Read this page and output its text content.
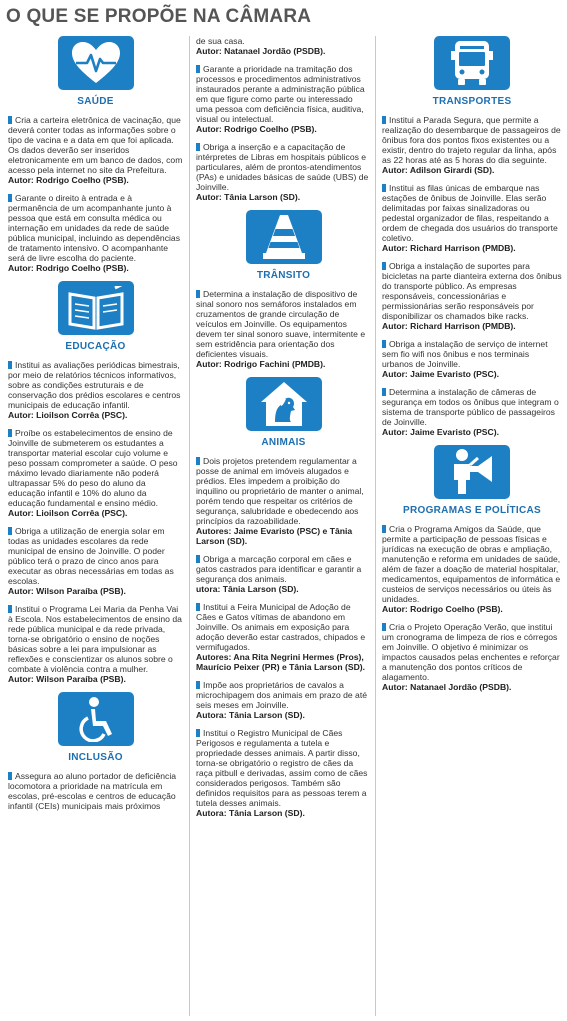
O QUE SE PROPÕE NA CÂMARA
SAÚDE
Cria a carteira eletrônica de vacinação, que deverá conter todas as informações sobre o tipo de vacina e a data em que foi aplicada. Os dados deverão ser inseridos eletronicamente em um banco de dados, com acesso pela internet no site da Prefeitura.
Autor: Rodrigo Coelho (PSB).
Garante o direito à entrada e à permanência de um acompanhante junto à pessoa que está em consulta médica ou internação em unidades da rede de saúde pública municipal, incluindo as dependências de tratamento intensivo. O acompanhante será de livre escolha do paciente.
Autor: Rodrigo Coelho (PSB).
EDUCAÇÃO
Institui as avaliações periódicas bimestrais, por meio de relatórios técnicos informativos, sobre as condições estruturais e de conservação dos prédios escolares e centros municipais de educação infantil.
Autor: Lioilson Corrêa (PSC).
Proíbe os estabelecimentos de ensino de Joinville de submeterem os estudantes a transportar material escolar cujo volume e peso possam comprometer a saúde. O peso máximo levado diariamente não poderá ultrapassar 5% do peso do aluno da educação infantil e 10% do aluno da educação fundamental e ensino médio.
Autor: Lioilson Corrêa (PSC).
Obriga a utilização de energia solar em todas as unidades escolares da rede municipal de ensino de Joinville. O poder público terá o prazo de cinco anos para executar as obras necessárias em todas as escolas.
Autor: Wilson Paraíba (PSB).
Institui o Programa Lei Maria da Penha Vai à Escola. Nos estabelecimentos de ensino da rede pública municipal e da rede privada, torna-se obrigatório o ensino de noções básicas sobre a lei para impulsionar as reflexões e conscientizar os alunos sobre o combate à violência contra a mulher.
Autor: Wilson Paraíba (PSB).
INCLUSÃO
Assegura ao aluno portador de deficiência locomotora a prioridade na matrícula em escolas, pré-escolas e centros de educação infantil (CEIs) municipais mais próximos
de sua casa.
Autor: Natanael Jordão (PSDB).
Garante a prioridade na tramitação dos processos e procedimentos administrativos instaurados perante a administração pública em que figure como parte ou interessado uma pessoa com deficiência física, auditiva, visual ou intelectual.
Autor: Rodrigo Coelho (PSB).
Obriga a inserção e a capacitação de intérpretes de Libras em hospitais públicos e particulares, além de prontos-atendimentos (PAs) e unidades básicas de saúde (UBS) de Joinville.
Autor: Tânia Larson (SD).
TRÂNSITO
Determina a instalação de dispositivo de sinal sonoro nos semáforos instalados em cruzamentos de grande circulação de veículos em Joinville. Os equipamentos devem ter sinal sonoro suave, intermitente e sem estridência para orientação dos deficientes visuais.
Autor: Rodrigo Fachini (PMDB).
ANIMAIS
Dois projetos pretendem regulamentar a posse de animal em imóveis alugados e prédios. Eles impedem a proibição do inquilino ou proprietário de manter o animal, porém tendo que respeitar os critérios de segurança, salubridade e obedecendo aos princípios da razoabilidade.
Autores: Jaime Evaristo (PSC) e Tânia Larson (SD).
Obriga a marcação corporal em cães e gatos castrados para identificar e garantir a segurança dos animais.
utora: Tânia Larson (SD).
Institui a Feira Municipal de Adoção de Cães e Gatos vítimas de abandono em Joinville. Os animais em exposição para adoção deverão estar castrados, chipados e vermifugados.
Autores: Ana Rita Negrini Hermes (Pros), Maurício Peixer (PR) e Tânia Larson (SD).
Impõe aos proprietários de cavalos a microchipagem dos animais em prazo de até seis meses em Joinville.
Autora: Tânia Larson (SD).
Institui o Registro Municipal de Cães Perigosos e regulamenta a tutela e propriedade desses animais. A partir disso, torna-se obrigatório o registro de cães da raça pitbull e derivadas, assim como de cães considerados perigosos. Também são definidos requisitos para as pessoas terem a tutela desses animais.
Autora: Tânia Larson (SD).
TRANSPORTES
Institui a Parada Segura, que permite a realização do desembarque de passageiros de ônibus fora dos pontos fixos existentes ou a existir, dentro do trajeto regular da linha, após as 22 horas até as 5 horas do dia seguinte.
Autor: Adilson Girardi (SD).
Institui as filas únicas de embarque nas estações de ônibus de Joinville. Elas serão delimitadas por faixas sinalizadoras ou pedestal organizador de filas, respeitando a ordem de chegada dos usuários do transporte coletivo.
Autor: Richard Harrison (PMDB).
Obriga a instalação de suportes para bicicletas na parte dianteira externa dos ônibus do transporte público. As empresas responsáveis, concessionárias e permissionárias serão responsáveis por disponibilizar os chamados bike racks.
Autor: Richard Harrison (PMDB).
Obriga a instalação de serviço de internet sem fio wifi nos ônibus e nos terminais urbanos de Joinville.
Autor: Jaime Evaristo (PSC).
Determina a instalação de câmeras de segurança em todos os ônibus que integram o sistema de transporte público de passageiros de Joinville.
Autor: Jaime Evaristo (PSC).
PROGRAMAS E POLÍTICAS
Cria o Programa Amigos da Saúde, que permite a participação de pessoas físicas e jurídicas na execução de obras e ampliação, manutenção e reforma em unidades de saúde, além de fazer a doação de material hospitalar, medicamentos, equipamentos de informática e custeios de serviços necessários ou úteis às unidades.
Autor: Rodrigo Coelho (PSB).
Cria o Projeto Operação Verão, que institui um cronograma de limpeza de rios e córregos em Joinville. O objetivo é minimizar os impactos causados pelas enchentes e reforçar a manutenção dos pontos críticos de alagamento.
Autor: Natanael Jordão (PSDB).
